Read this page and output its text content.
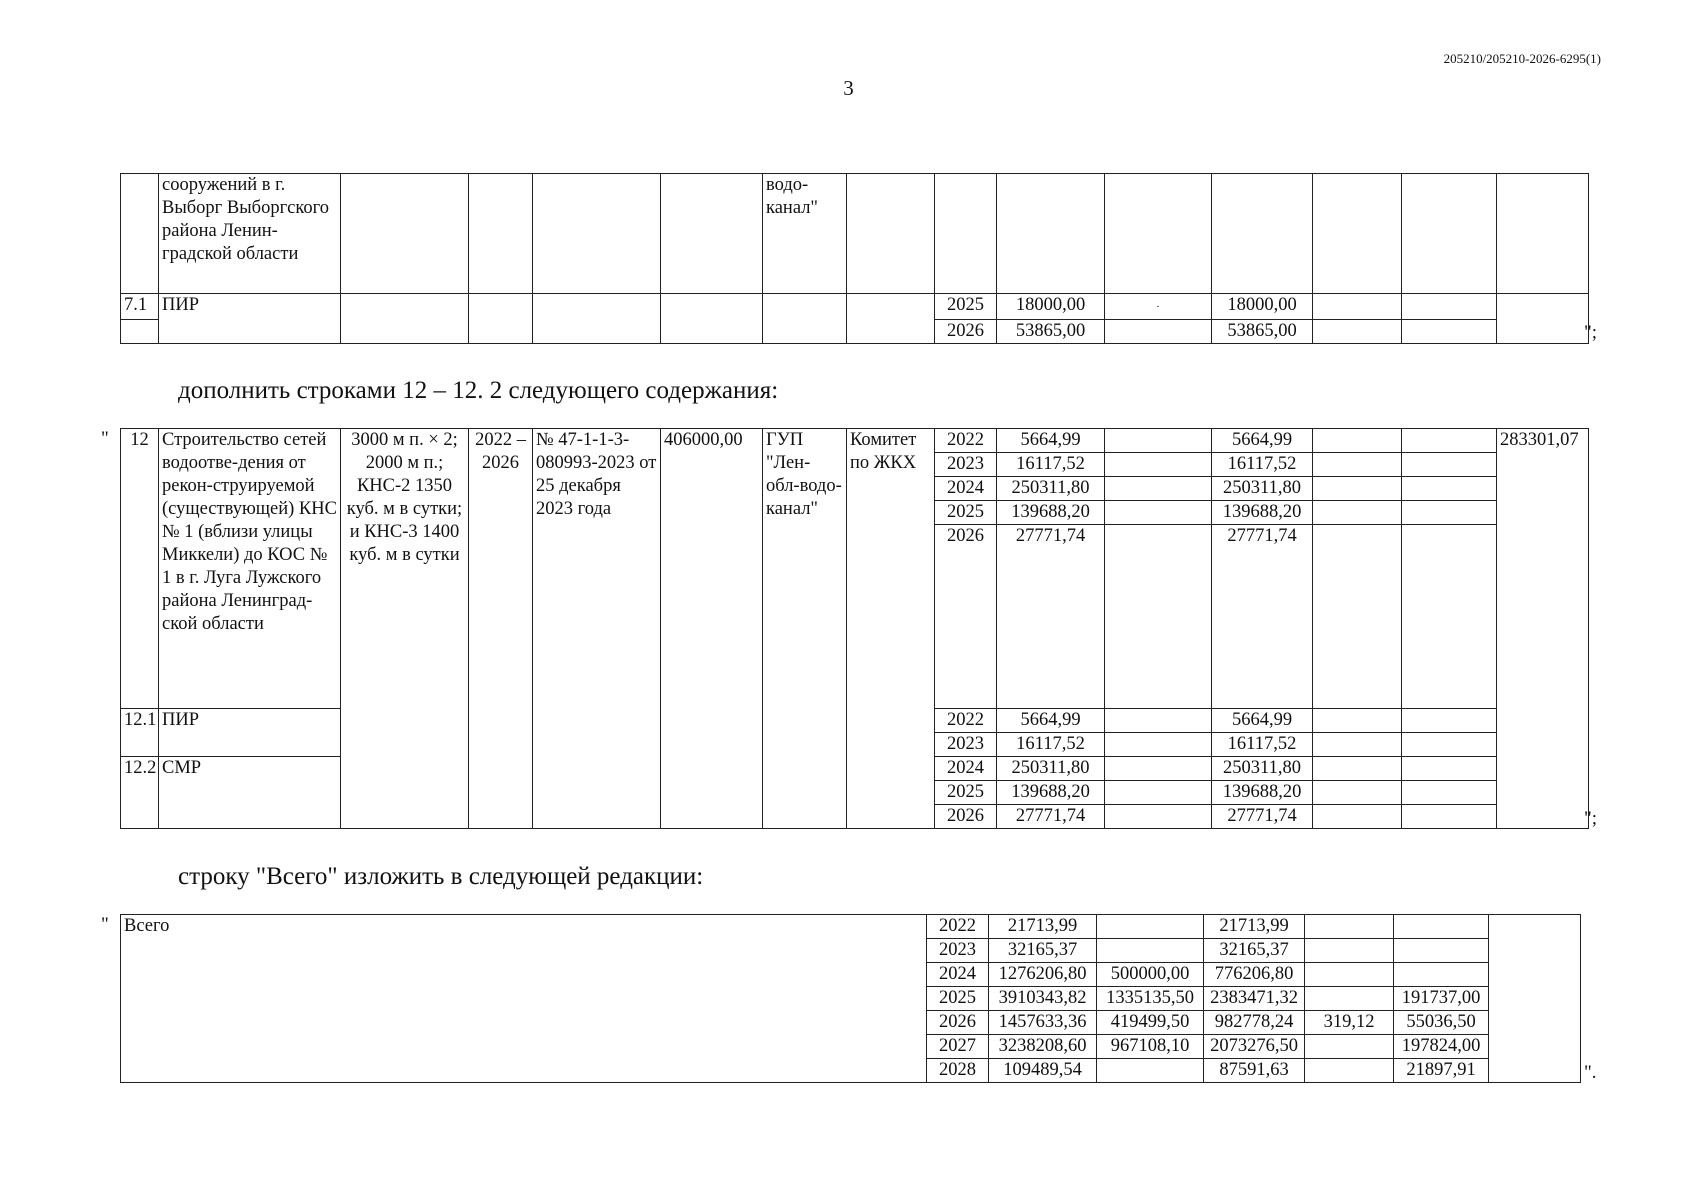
205210/205210-2026-6295(1)
3
	сооружений в г. Выборг Выборгского района Ленин-градской области					водо-канал"								
7.1	ПИР							2025	18000,00	·	18000,00			
								2026	53865,00		53865,00				";
дополнить строками 12 – 12. 2 следующего содержания:
" 12	Строительство сетей водоотве-дения от рекон-струируемой (существующей) КНС № 1 (вблизи улицы Миккели) до КОС № 1 в г. Луга Лужского района Ленинград-ской области	3000 м п. × 2; 2000 м п.; КНС-2 1350 куб. м в сутки; и КНС-3 1400 куб. м в сутки	2022 – 2026	№ 47-1-1-3-080993-2023 от 25 декабря 2023 года	406000,00	ГУП "Лен-обл-водо-канал"	Комитет по ЖКХ	2022	5664,99		5664,99			283301,07
								2023	16117,52		16117,52			
								2024	250311,80		250311,80			
								2025	139688,20		139688,20			
								2026	27771,74		27771,74			
12.1	ПИР							2022	5664,99		5664,99			
								2023	16117,52		16117,52			
12.2	СМР							2024	250311,80		250311,80			
								2025	139688,20		139688,20			
								2026	27771,74		27771,74				";
строку "Всего" изложить в следующей редакции:
" Всего	2022	21713,99		21713,99			
	2023	32165,37		32165,37			
	2024	1276206,80	500000,00	776206,80			
	2025	3910343,82	1335135,50	2383471,32		191737,00	
	2026	1457633,36	419499,50	982778,24	319,12	55036,50	
	2027	3238208,60	967108,10	2073276,50		197824,00	
	2028	109489,54		87591,63		21897,91		".
